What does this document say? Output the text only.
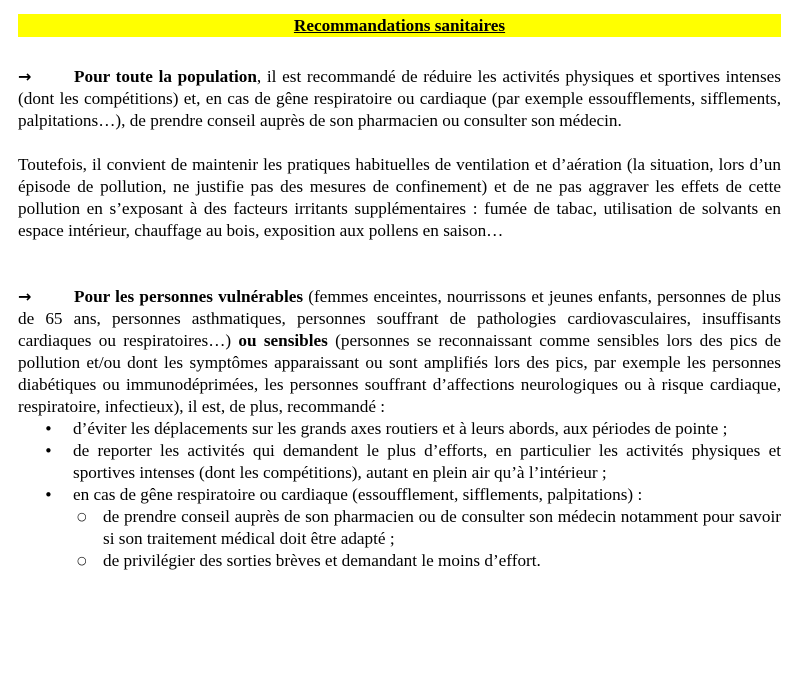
Recommandations sanitaires

→ Pour toute la population, il est recommandé de réduire les activités physiques et sportives intenses (dont les compétitions) et, en cas de gêne respiratoire ou cardiaque (par exemple essoufflements, sifflements, palpitations…), de prendre conseil auprès de son pharmacien ou consulter son médecin.

Toutefois, il convient de maintenir les pratiques habituelles de ventilation et d’aération (la situation, lors d’un épisode de pollution, ne justifie pas des mesures de confinement) et de ne pas aggraver les effets de cette pollution en s’exposant à des facteurs irritants supplémentaires : fumée de tabac, utilisation de solvants en espace intérieur, chauffage au bois, exposition aux pollens en saison…

→ Pour les personnes vulnérables (femmes enceintes, nourrissons et jeunes enfants, personnes de plus de 65 ans, personnes asthmatiques, personnes souffrant de pathologies cardiovasculaires, insuffisants cardiaques ou respiratoires…) ou sensibles (personnes se reconnaissant comme sensibles lors des pics de pollution et/ou dont les symptômes apparaissant ou sont amplifiés lors des pics, par exemple les personnes diabétiques ou immunodéprimées, les personnes souffrant d’affections neurologiques ou à risque cardiaque, respiratoire, infectieux), il est, de plus, recommandé :

• d’éviter les déplacements sur les grands axes routiers et à leurs abords, aux périodes de pointe ;
• de reporter les activités qui demandent le plus d’efforts, en particulier les activités physiques et sportives intenses (dont les compétitions), autant en plein air qu’à l’intérieur ;
• en cas de gêne respiratoire ou cardiaque (essoufflement, sifflements, palpitations) :
○ de prendre conseil auprès de son pharmacien ou de consulter son médecin notamment pour savoir si son traitement médical doit être adapté ;
○ de privilégier des sorties brèves et demandant le moins d’effort.
